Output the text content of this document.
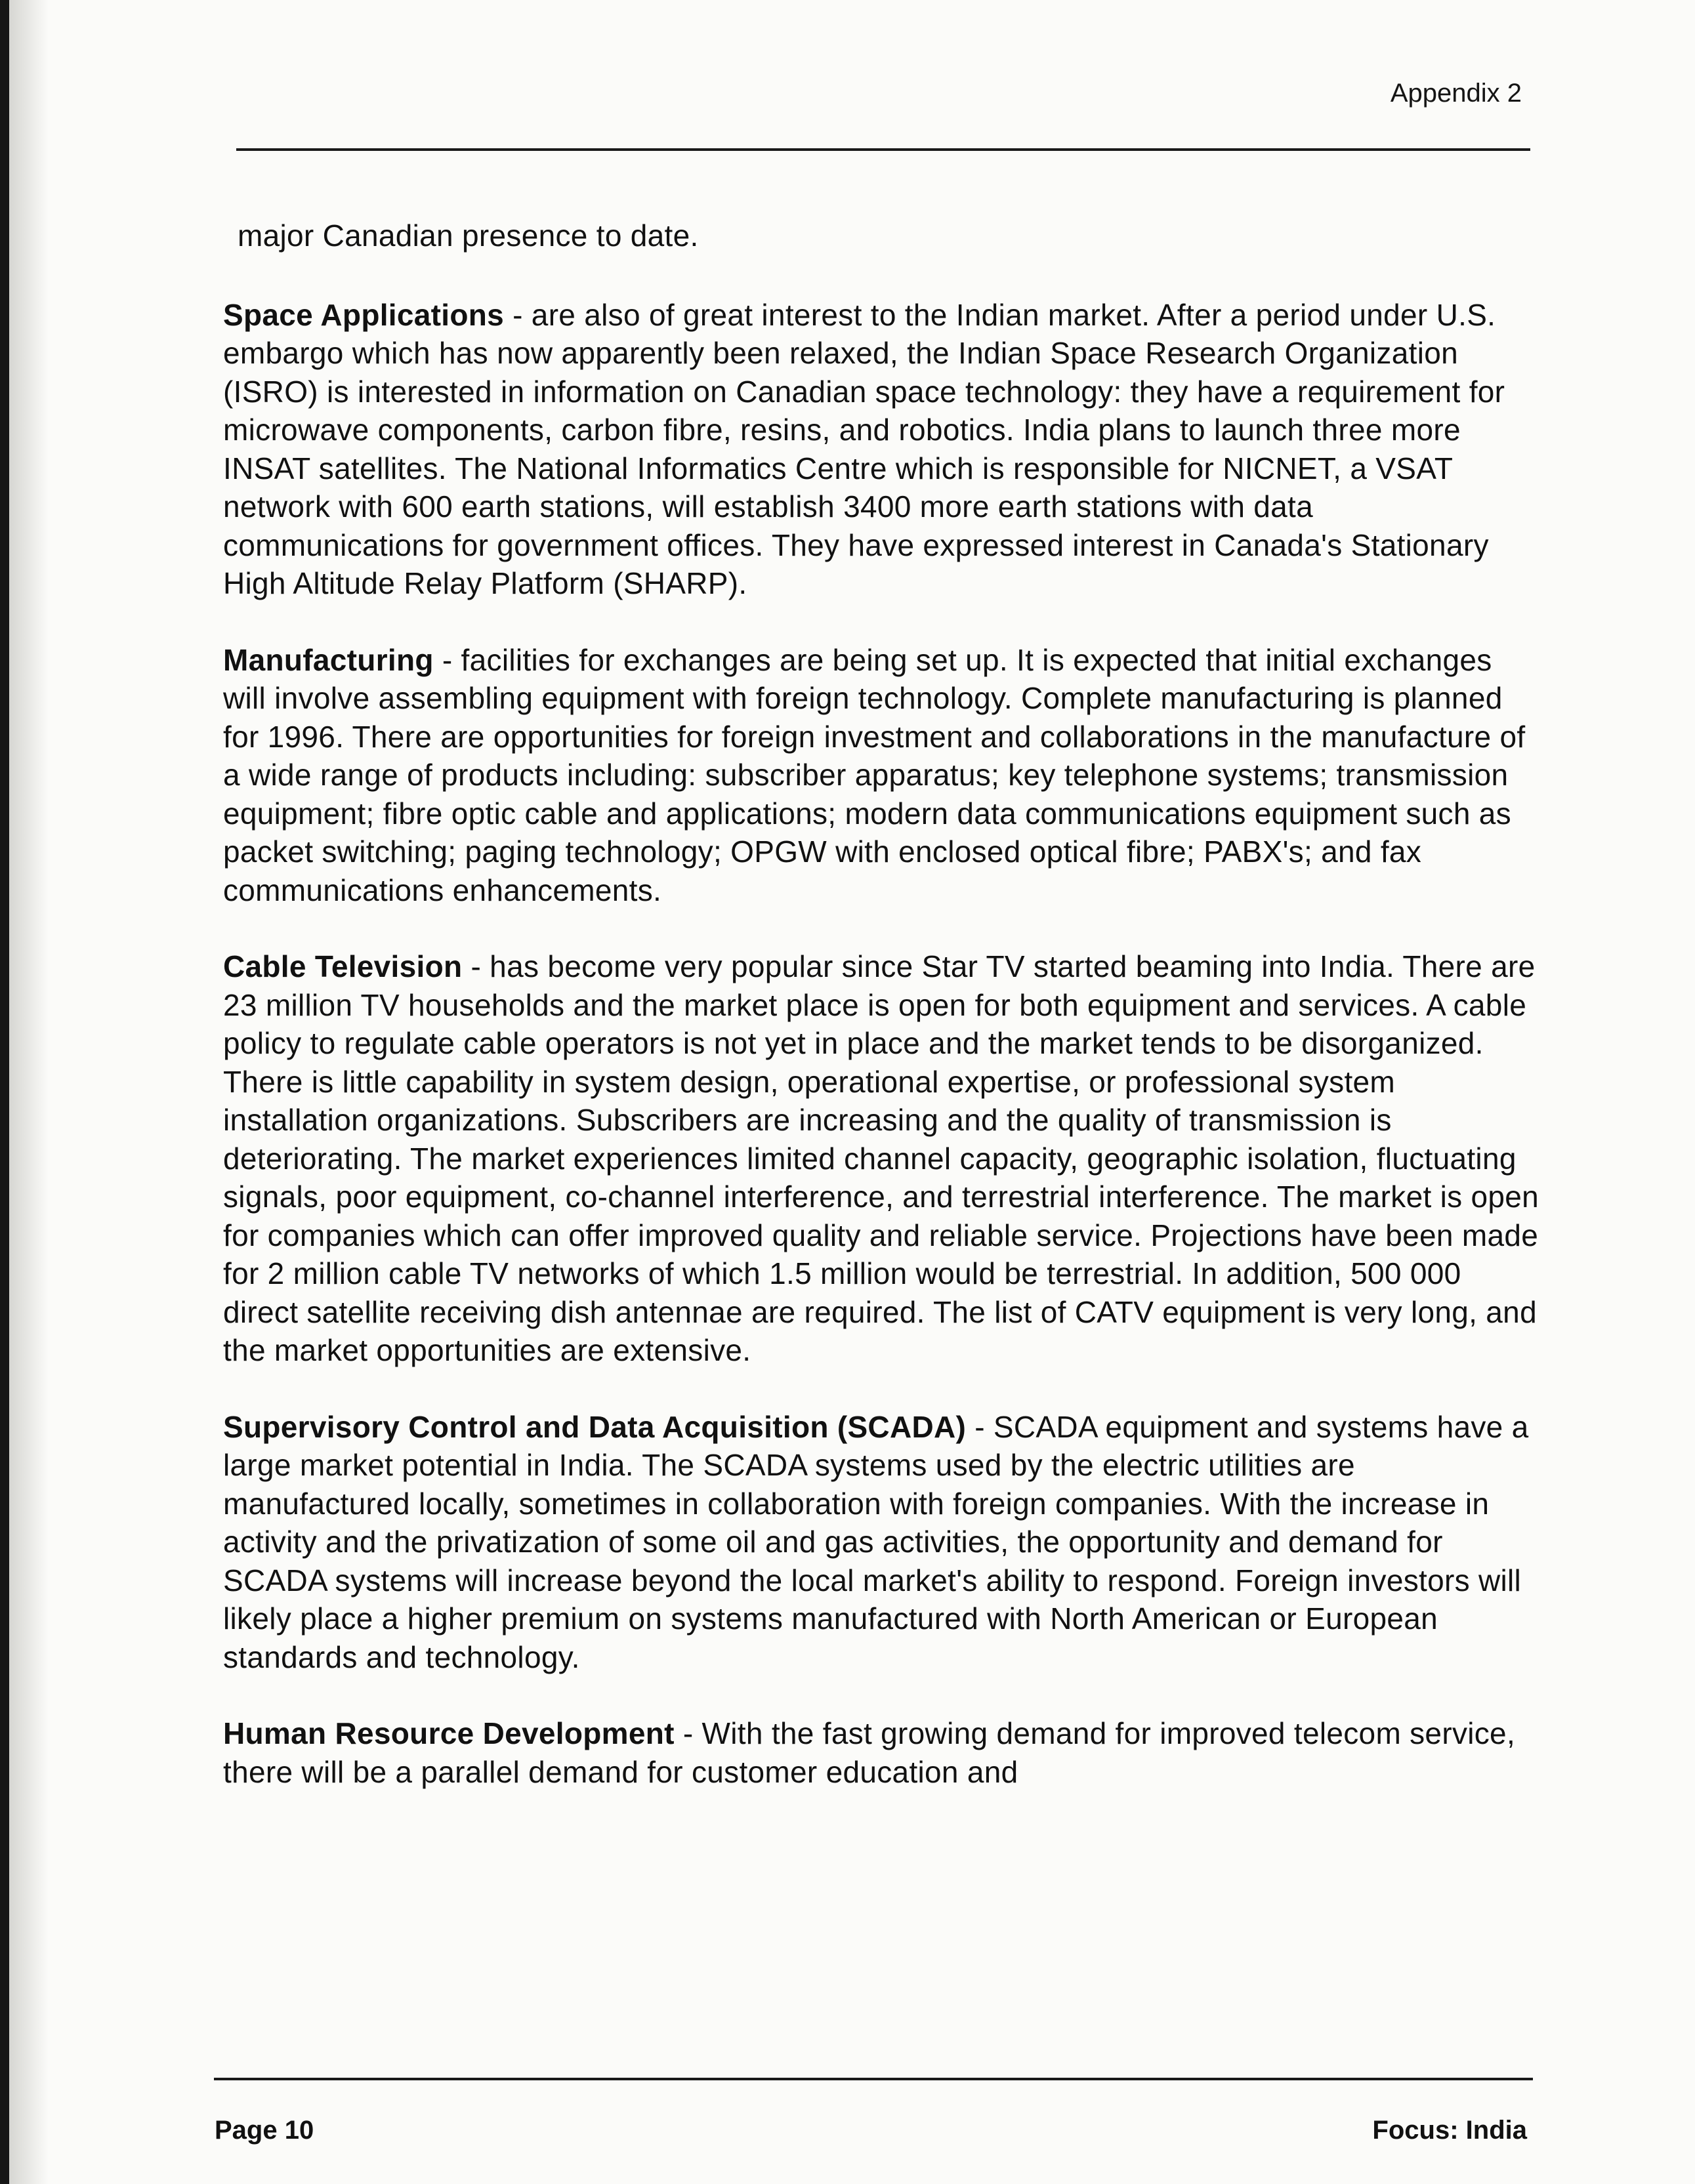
Appendix 2

major Canadian presence to date.

Space Applications - are also of great interest to the Indian market. After a period under U.S. embargo which has now apparently been relaxed, the Indian Space Research Organization (ISRO) is interested in information on Canadian space technology: they have a requirement for microwave components, carbon fibre, resins, and robotics. India plans to launch three more INSAT satellites. The National Informatics Centre which is responsible for NICNET, a VSAT network with 600 earth stations, will establish 3400 more earth stations with data communications for government offices. They have expressed interest in Canada's Stationary High Altitude Relay Platform (SHARP).

Manufacturing - facilities for exchanges are being set up. It is expected that initial exchanges will involve assembling equipment with foreign technology. Complete manufacturing is planned for 1996. There are opportunities for foreign investment and collaborations in the manufacture of a wide range of products including: subscriber apparatus; key telephone systems; transmission equipment; fibre optic cable and applications; modern data communications equipment such as packet switching; paging technology; OPGW with enclosed optical fibre; PABX's; and fax communications enhancements.

Cable Television - has become very popular since Star TV started beaming into India. There are 23 million TV households and the market place is open for both equipment and services. A cable policy to regulate cable operators is not yet in place and the market tends to be disorganized. There is little capability in system design, operational expertise, or professional system installation organizations. Subscribers are increasing and the quality of transmission is deteriorating. The market experiences limited channel capacity, geographic isolation, fluctuating signals, poor equipment, co-channel interference, and terrestrial interference. The market is open for companies which can offer improved quality and reliable service. Projections have been made for 2 million cable TV networks of which 1.5 million would be terrestrial. In addition, 500 000 direct satellite receiving dish antennae are required. The list of CATV equipment is very long, and the market opportunities are extensive.

Supervisory Control and Data Acquisition (SCADA) - SCADA equipment and systems have a large market potential in India. The SCADA systems used by the electric utilities are manufactured locally, sometimes in collaboration with foreign companies. With the increase in activity and the privatization of some oil and gas activities, the opportunity and demand for SCADA systems will increase beyond the local market's ability to respond. Foreign investors will likely place a higher premium on systems manufactured with North American or European standards and technology.

Human Resource Development - With the fast growing demand for improved telecom service, there will be a parallel demand for customer education and

Page 10	Focus: India
